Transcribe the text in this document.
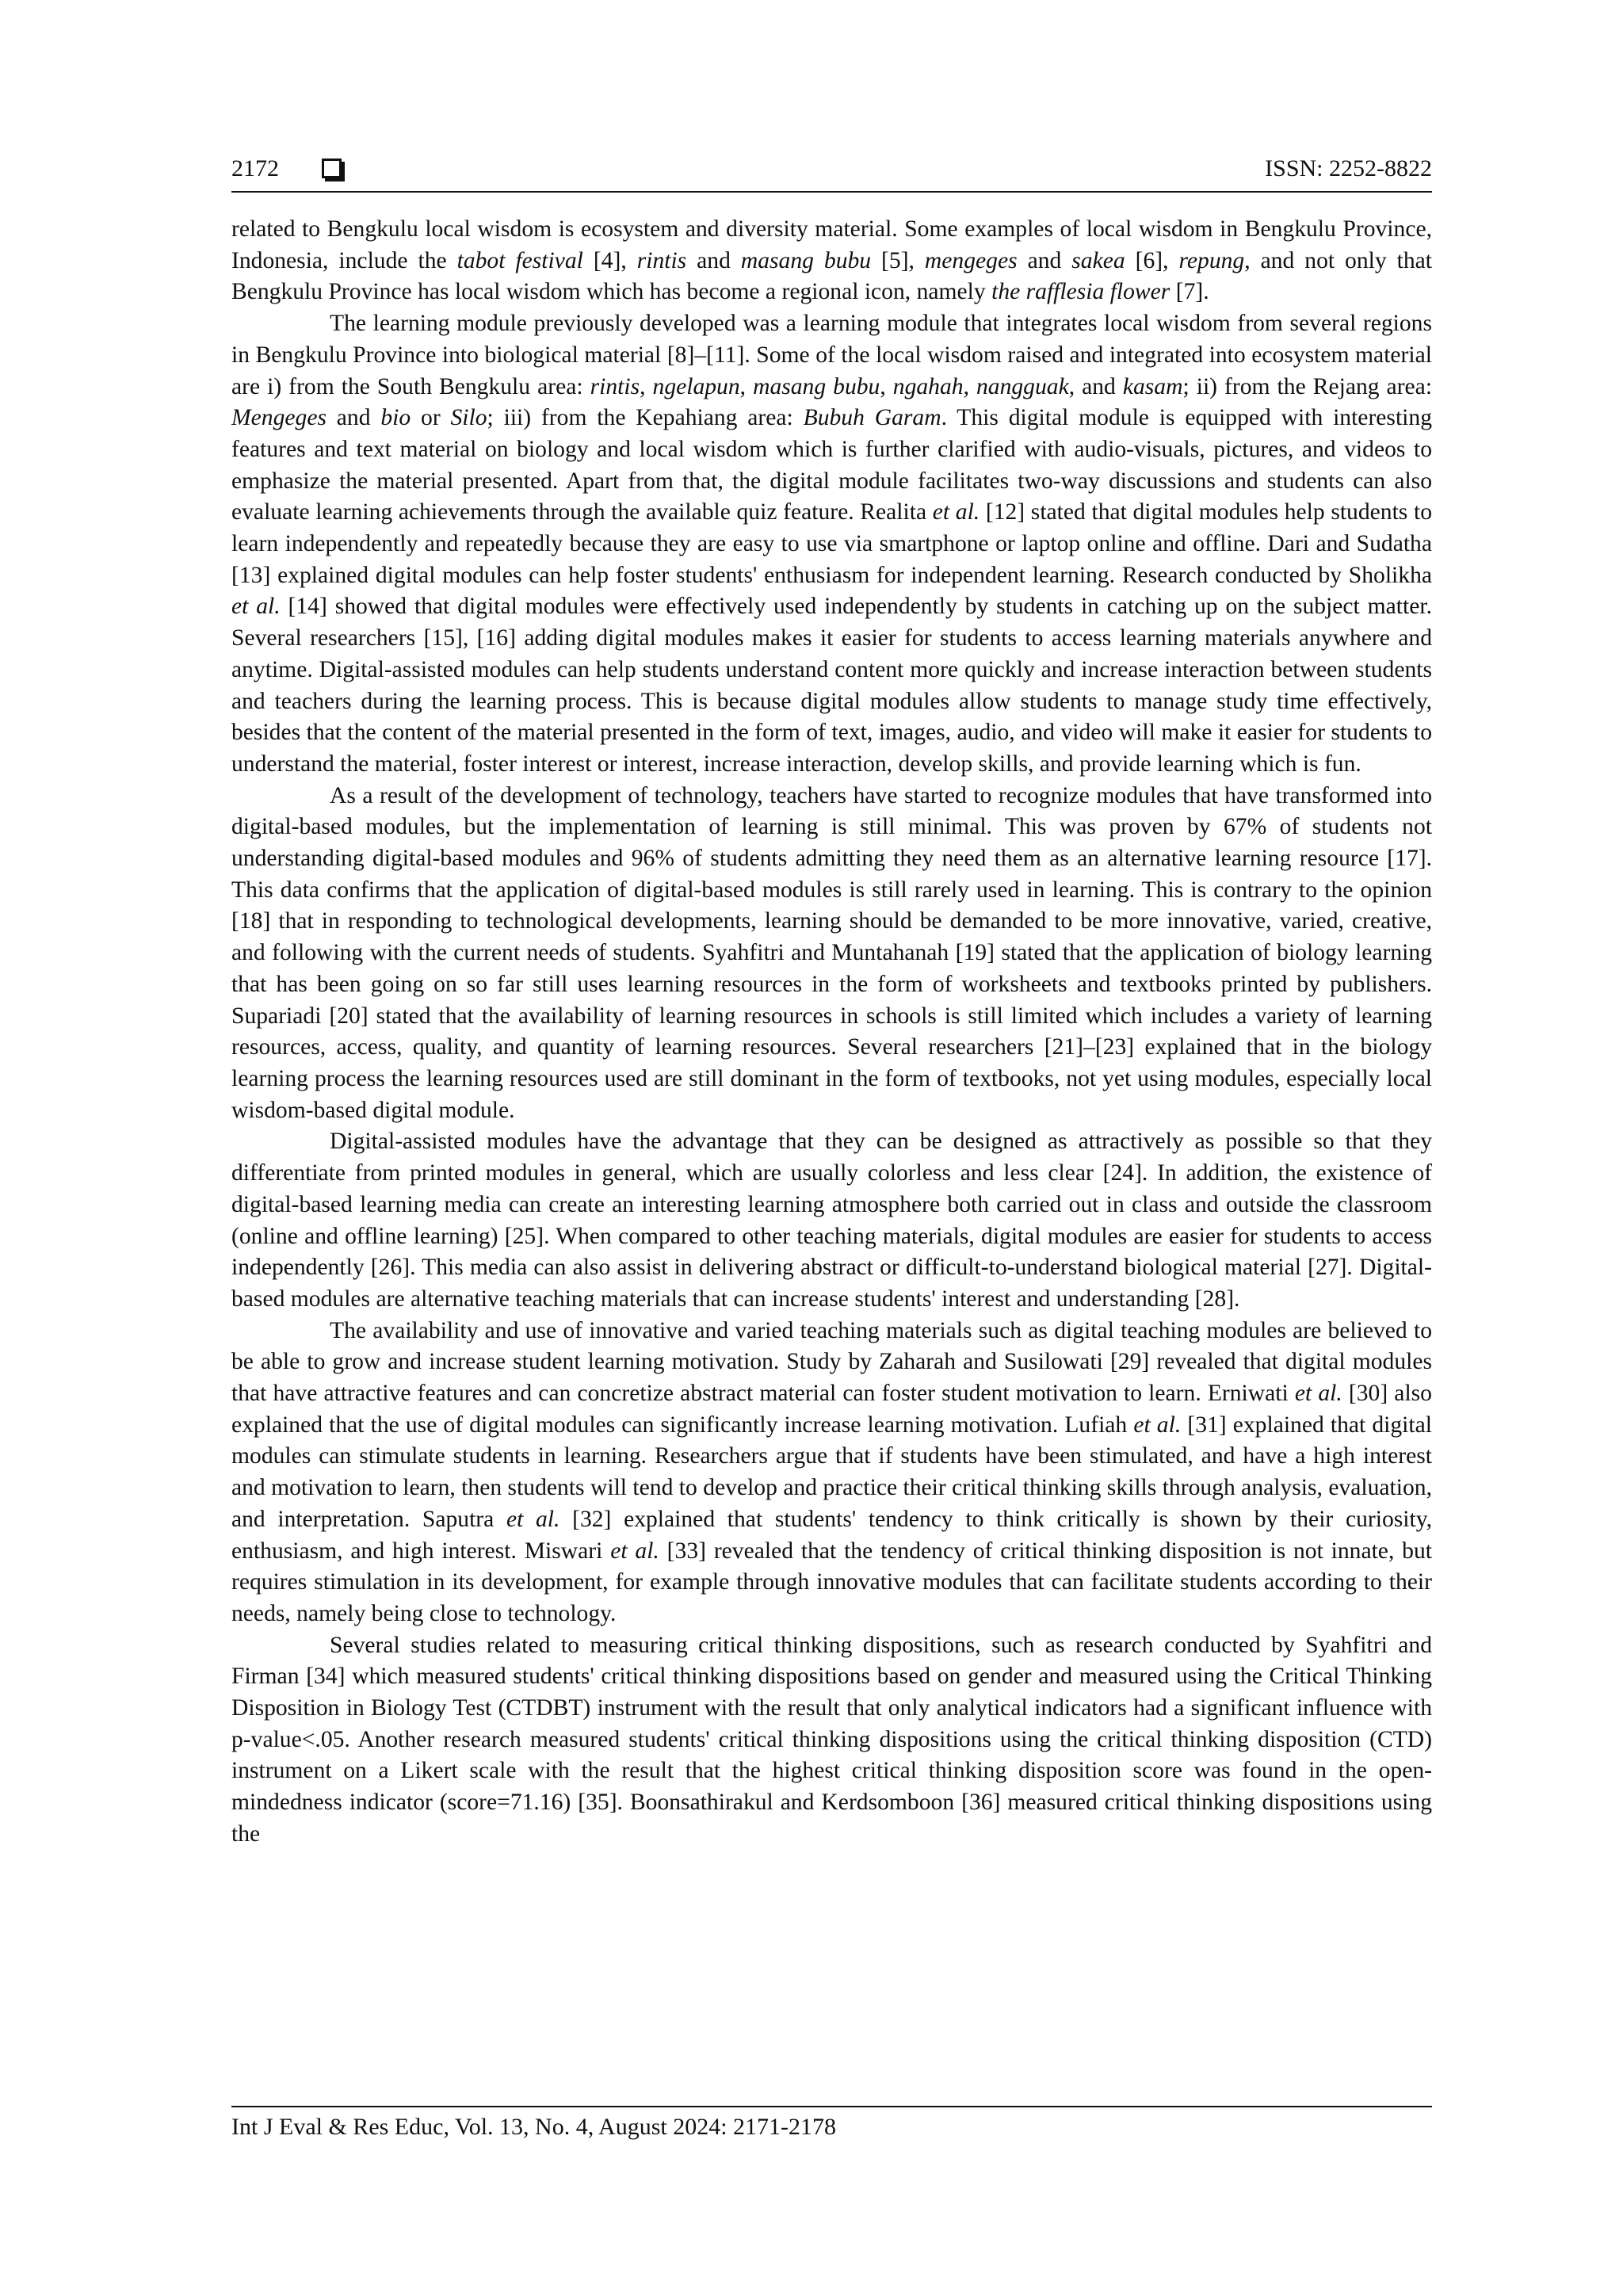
2172	ISSN: 2252-8822

related to Bengkulu local wisdom is ecosystem and diversity material. Some examples of local wisdom in Bengkulu Province, Indonesia, include the tabot festival [4], rintis and masang bubu [5], mengeges and sakea [6], repung, and not only that Bengkulu Province has local wisdom which has become a regional icon, namely the rafflesia flower [7].

The learning module previously developed was a learning module that integrates local wisdom from several regions in Bengkulu Province into biological material [8]–[11]. Some of the local wisdom raised and integrated into ecosystem material are i) from the South Bengkulu area: rintis, ngelapun, masang bubu, ngahah, nangguak, and kasam; ii) from the Rejang area: Mengeges and bio or Silo; iii) from the Kepahiang area: Bubuh Garam. This digital module is equipped with interesting features and text material on biology and local wisdom which is further clarified with audio-visuals, pictures, and videos to emphasize the material presented. Apart from that, the digital module facilitates two-way discussions and students can also evaluate learning achievements through the available quiz feature. Realita et al. [12] stated that digital modules help students to learn independently and repeatedly because they are easy to use via smartphone or laptop online and offline. Dari and Sudatha [13] explained digital modules can help foster students' enthusiasm for independent learning. Research conducted by Sholikha et al. [14] showed that digital modules were effectively used independently by students in catching up on the subject matter. Several researchers [15], [16] adding digital modules makes it easier for students to access learning materials anywhere and anytime. Digital-assisted modules can help students understand content more quickly and increase interaction between students and teachers during the learning process. This is because digital modules allow students to manage study time effectively, besides that the content of the material presented in the form of text, images, audio, and video will make it easier for students to understand the material, foster interest or interest, increase interaction, develop skills, and provide learning which is fun.

As a result of the development of technology, teachers have started to recognize modules that have transformed into digital-based modules, but the implementation of learning is still minimal. This was proven by 67% of students not understanding digital-based modules and 96% of students admitting they need them as an alternative learning resource [17]. This data confirms that the application of digital-based modules is still rarely used in learning. This is contrary to the opinion [18] that in responding to technological developments, learning should be demanded to be more innovative, varied, creative, and following with the current needs of students. Syahfitri and Muntahanah [19] stated that the application of biology learning that has been going on so far still uses learning resources in the form of worksheets and textbooks printed by publishers. Supariadi [20] stated that the availability of learning resources in schools is still limited which includes a variety of learning resources, access, quality, and quantity of learning resources. Several researchers [21]–[23] explained that in the biology learning process the learning resources used are still dominant in the form of textbooks, not yet using modules, especially local wisdom-based digital module.

Digital-assisted modules have the advantage that they can be designed as attractively as possible so that they differentiate from printed modules in general, which are usually colorless and less clear [24]. In addition, the existence of digital-based learning media can create an interesting learning atmosphere both carried out in class and outside the classroom (online and offline learning) [25]. When compared to other teaching materials, digital modules are easier for students to access independently [26]. This media can also assist in delivering abstract or difficult-to-understand biological material [27]. Digital-based modules are alternative teaching materials that can increase students' interest and understanding [28].

The availability and use of innovative and varied teaching materials such as digital teaching modules are believed to be able to grow and increase student learning motivation. Study by Zaharah and Susilowati [29] revealed that digital modules that have attractive features and can concretize abstract material can foster student motivation to learn. Erniwati et al. [30] also explained that the use of digital modules can significantly increase learning motivation. Lufiah et al. [31] explained that digital modules can stimulate students in learning. Researchers argue that if students have been stimulated, and have a high interest and motivation to learn, then students will tend to develop and practice their critical thinking skills through analysis, evaluation, and interpretation. Saputra et al. [32] explained that students' tendency to think critically is shown by their curiosity, enthusiasm, and high interest. Miswari et al. [33] revealed that the tendency of critical thinking disposition is not innate, but requires stimulation in its development, for example through innovative modules that can facilitate students according to their needs, namely being close to technology.

Several studies related to measuring critical thinking dispositions, such as research conducted by Syahfitri and Firman [34] which measured students' critical thinking dispositions based on gender and measured using the Critical Thinking Disposition in Biology Test (CTDBT) instrument with the result that only analytical indicators had a significant influence with p-value<.05. Another research measured students' critical thinking dispositions using the critical thinking disposition (CTD) instrument on a Likert scale with the result that the highest critical thinking disposition score was found in the open-mindedness indicator (score=71.16) [35]. Boonsathirakul and Kerdsomboon [36] measured critical thinking dispositions using the

Int J Eval & Res Educ, Vol. 13, No. 4, August 2024: 2171-2178
